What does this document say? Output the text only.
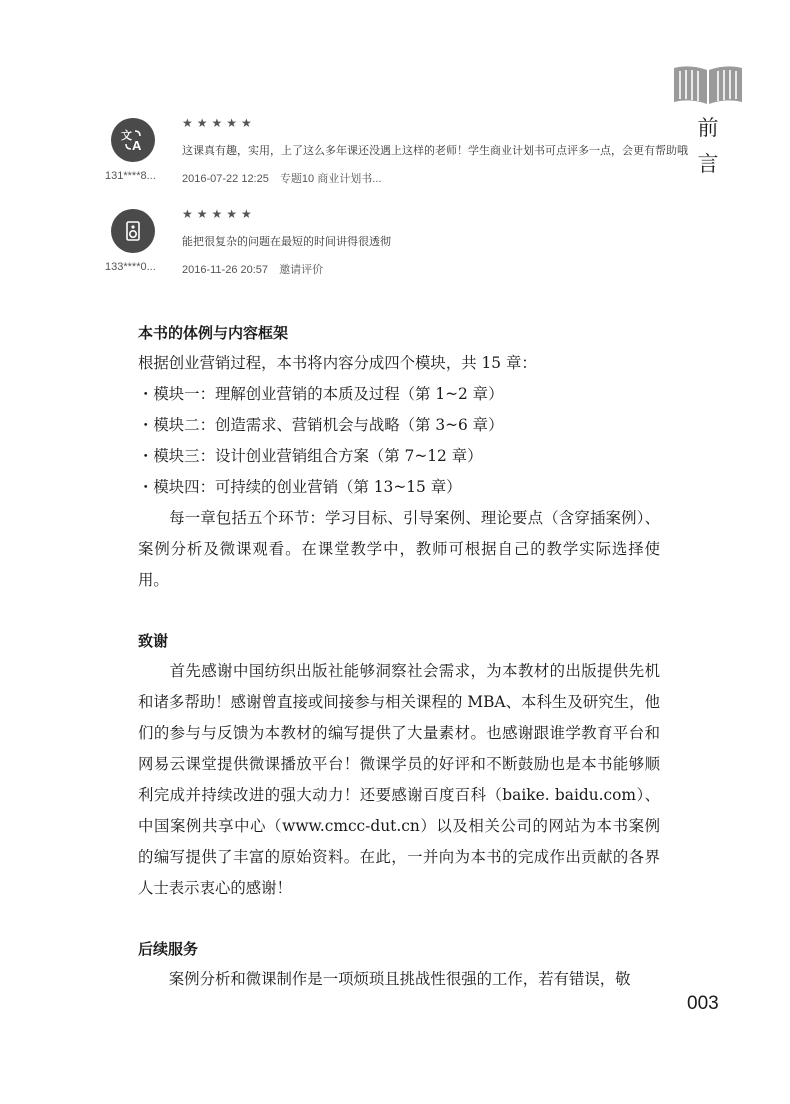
前
言
文
A
131****8...
★★★★★
这课真有趣，实用，上了这么多年课还没遇上这样的老师！学生商业计划书可点评多一点，会更有帮助哦
2016-07-22 12:25 专题10 商业计划书...
133****0...
★★★★★
能把很复杂的问题在最短的时间讲得很透彻
2016-11-26 20:57 邀请评价
本书的体例与内容框架

根据创业营销过程，本书将内容分成四个模块，共 15 章：

・模块一：理解创业营销的本质及过程（第 1~2 章）

・模块二：创造需求、营销机会与战略（第 3~6 章）

・模块三：设计创业营销组合方案（第 7~12 章）

・模块四：可持续的创业营销（第 13~15 章）

　　每一章包括五个环节：学习目标、引导案例、理论要点（含穿插案例）、案例分析及微课观看。在课堂教学中，教师可根据自己的教学实际选择使用。

致谢

　　首先感谢中国纺织出版社能够洞察社会需求，为本教材的出版提供先机和诸多帮助！感谢曾直接或间接参与相关课程的 MBA、本科生及研究生，他们的参与与反馈为本教材的编写提供了大量素材。也感谢跟谁学教育平台和网易云课堂提供微课播放平台！微课学员的好评和不断鼓励也是本书能够顺利完成并持续改进的强大动力！还要感谢百度百科（baike. baidu.com）、中国案例共享中心（www.cmcc-dut.cn）以及相关公司的网站为本书案例的编写提供了丰富的原始资料。在此，一并向为本书的完成作出贡献的各界人士表示衷心的感谢！

后续服务

　　案例分析和微课制作是一项烦琐且挑战性很强的工作，若有错误，敬

003
